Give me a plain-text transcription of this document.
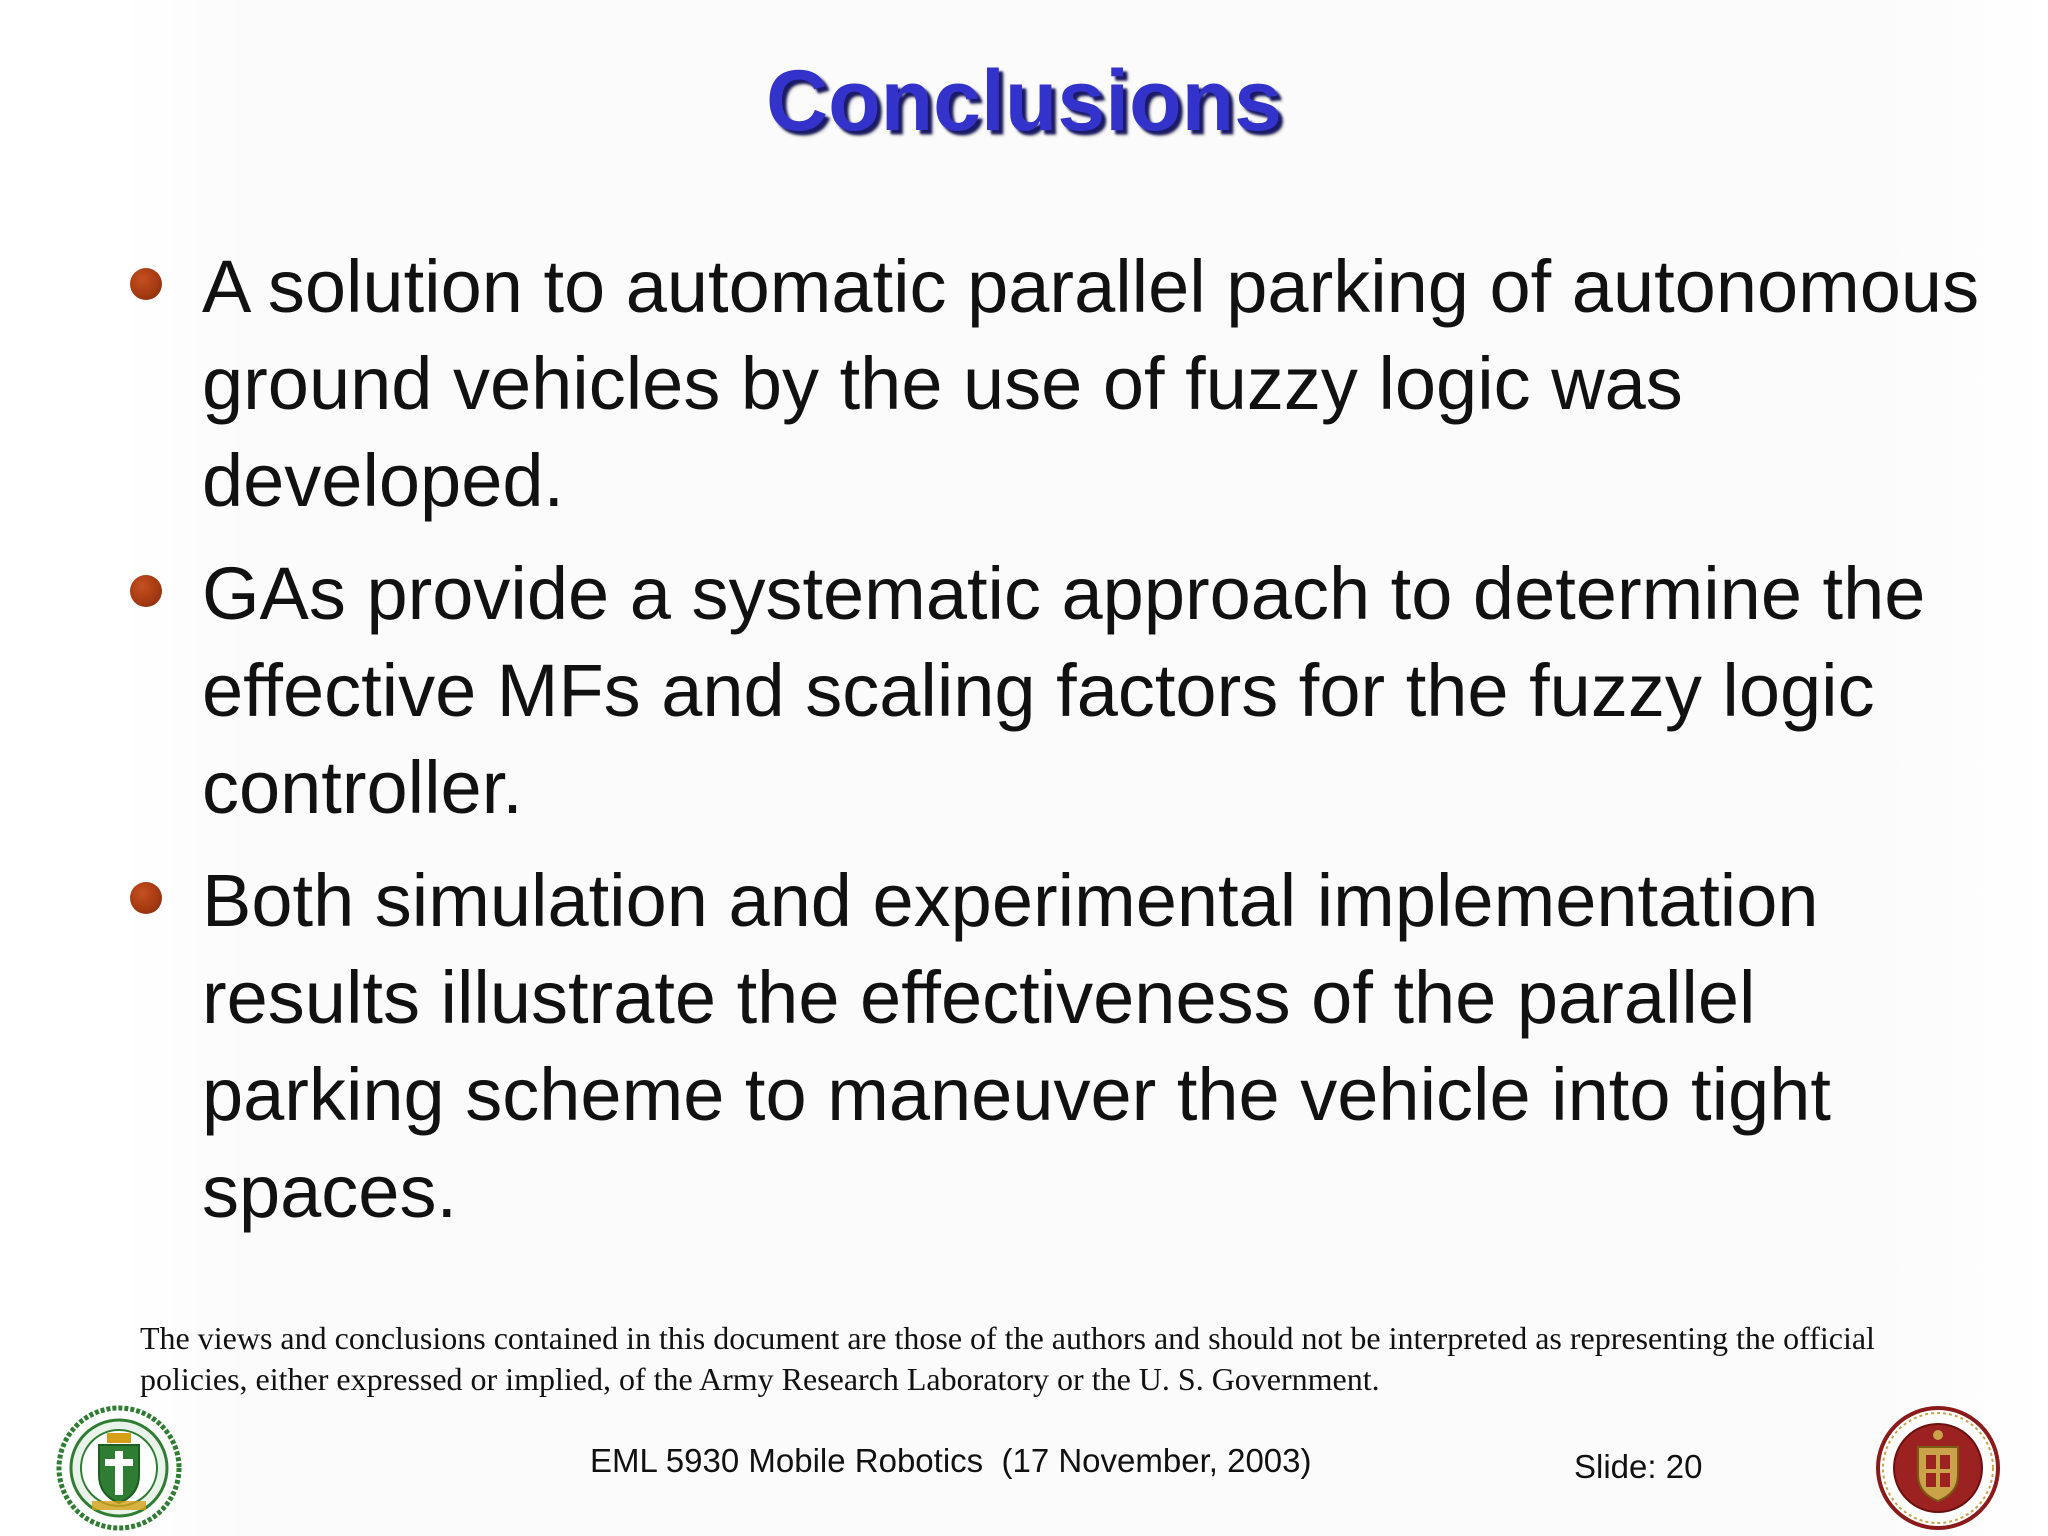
Conclusions
A solution to automatic parallel parking of autonomous ground vehicles by the use of fuzzy logic was developed.
GAs provide a systematic approach to determine the effective MFs and scaling factors for the fuzzy logic controller.
Both simulation and experimental implementation results illustrate the effectiveness of the parallel parking scheme to maneuver the vehicle into tight spaces.
The views and conclusions contained in this document are those of the authors and should not be interpreted as representing the official policies, either expressed or implied, of the Army Research Laboratory or the U. S. Government.
EML 5930 Mobile Robotics  (17 November, 2003)	Slide: 20
